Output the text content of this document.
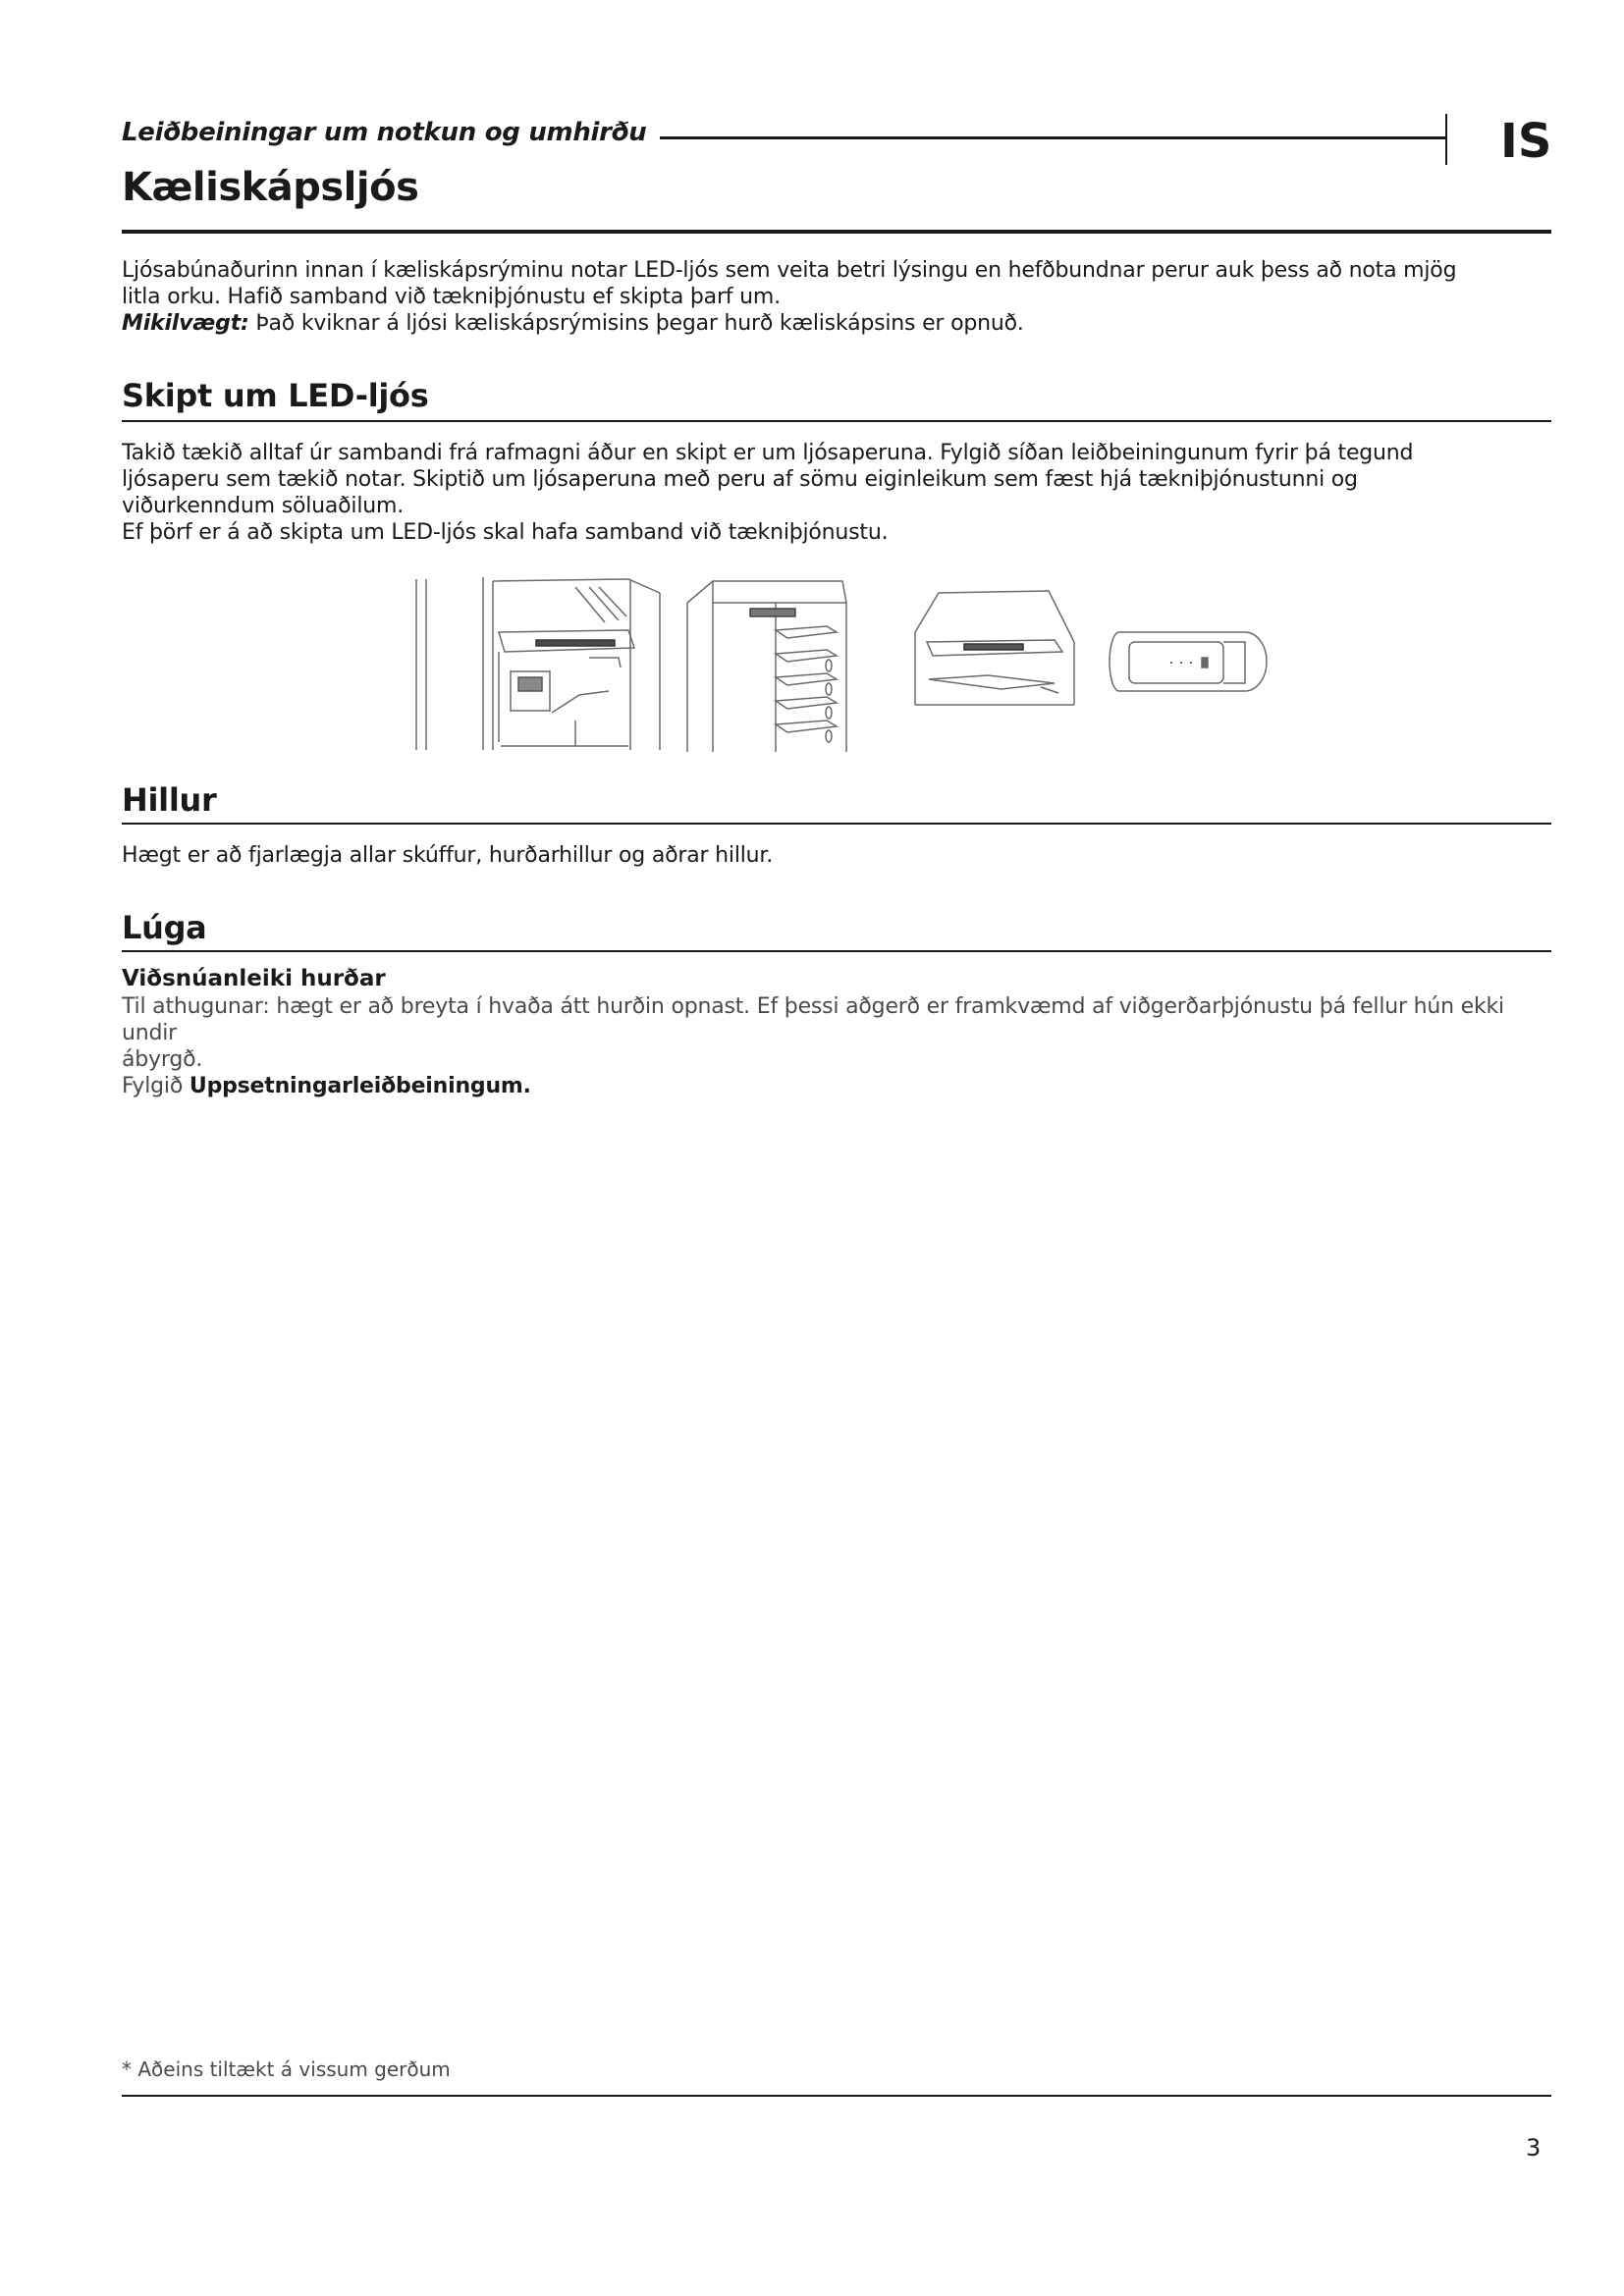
Leiðbeiningar um notkun og umhirðu	IS
Kæliskápsljós
Ljósabúnaðurinn innan í kæliskápsrýminu notar LED-ljós sem veita betri lýsingu en hefðbundnar perur auk þess að nota mjög
litla orku. Hafið samband við tækniþjónustu ef skipta þarf um.
Mikilvægt: Það kviknar á ljósi kæliskápsrýmisins þegar hurð kæliskápsins er opnuð.
Skipt um LED-ljós
Takið tækið alltaf úr sambandi frá rafmagni áður en skipt er um ljósaperuna. Fylgið síðan leiðbeiningunum fyrir þá tegund
ljósaperu sem tækið notar. Skiptið um ljósaperuna með peru af sömu eiginleikum sem fæst hjá tækniþjónustunni og
viðurkenndum söluaðilum.
Ef þörf er á að skipta um LED-ljós skal hafa samband við tækniþjónustu.
Hillur
Hægt er að fjarlægja allar skúffur, hurðarhillur og aðrar hillur.
Lúga
Viðsnúanleiki hurðar
Til athugunar: hægt er að breyta í hvaða átt hurðin opnast. Ef þessi aðgerð er framkvæmd af viðgerðarþjónustu þá fellur hún ekki undir
ábyrgð.
Fylgið Uppsetningarleiðbeiningum.
* Aðeins tiltækt á vissum gerðum
3
